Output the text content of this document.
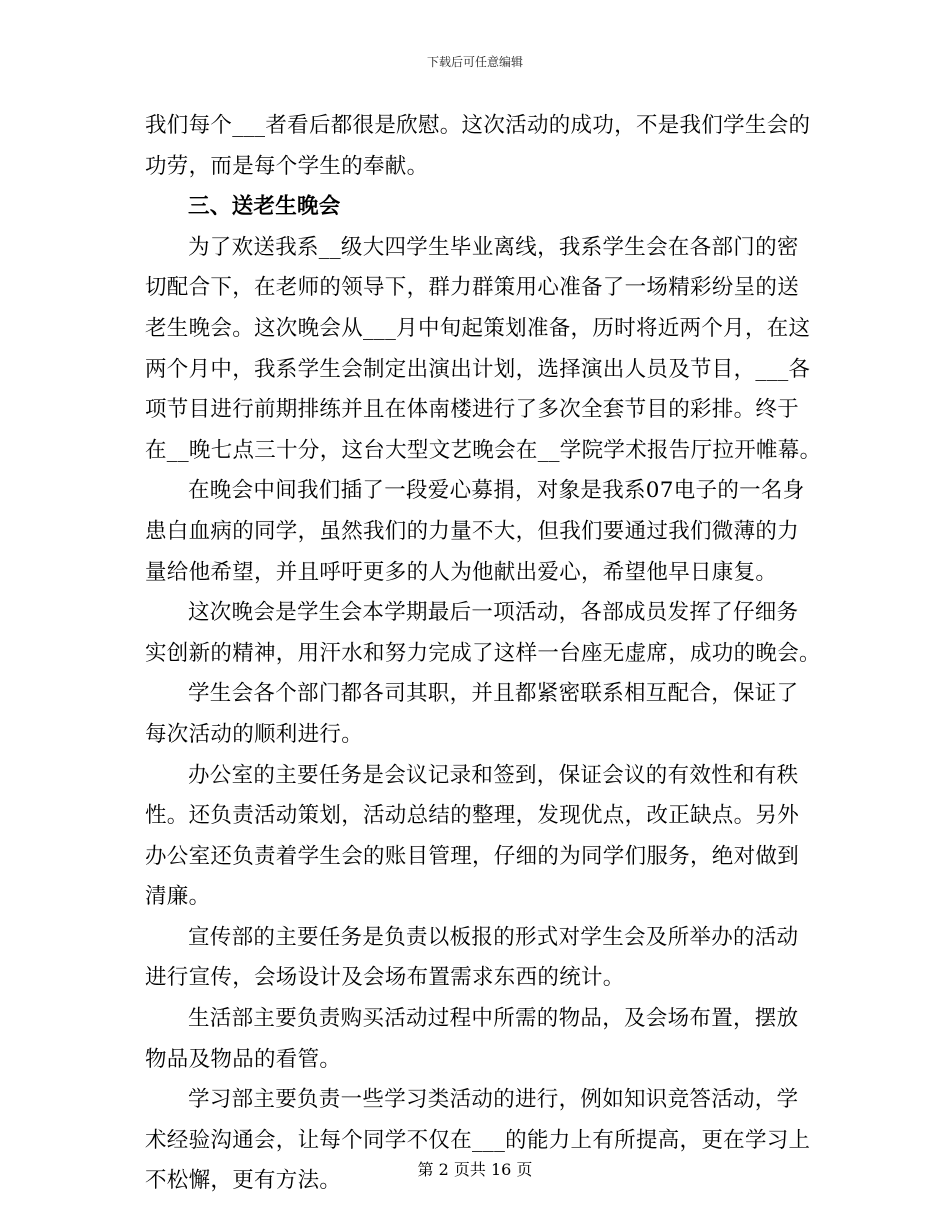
下载后可任意编辑
我们每个___者看后都很是欣慰。这次活动的成功，不是我们学生会的
功劳，而是每个学生的奉献。
三、送老生晚会
为了欢送我系__级大四学生毕业离线，我系学生会在各部门的密
切配合下，在老师的领导下，群力群策用心准备了一场精彩纷呈的送
老生晚会。这次晚会从___月中旬起策划准备，历时将近两个月，在这
两个月中，我系学生会制定出演出计划，选择演出人员及节目，___各
项节目进行前期排练并且在体南楼进行了多次全套节目的彩排。终于
在__晚七点三十分，这台大型文艺晚会在__学院学术报告厅拉开帷幕。
在晚会中间我们插了一段爱心募捐，对象是我系07电子的一名身
患白血病的同学，虽然我们的力量不大，但我们要通过我们微薄的力
量给他希望，并且呼吁更多的人为他献出爱心，希望他早日康复。
这次晚会是学生会本学期最后一项活动，各部成员发挥了仔细务
实创新的精神，用汗水和努力完成了这样一台座无虚席，成功的晚会。
学生会各个部门都各司其职，并且都紧密联系相互配合，保证了
每次活动的顺利进行。
办公室的主要任务是会议记录和签到，保证会议的有效性和有秩
性。还负责活动策划，活动总结的整理，发现优点，改正缺点。另外
办公室还负责着学生会的账目管理，仔细的为同学们服务，绝对做到
清廉。
宣传部的主要任务是负责以板报的形式对学生会及所举办的活动
进行宣传，会场设计及会场布置需求东西的统计。
生活部主要负责购买活动过程中所需的物品，及会场布置，摆放
物品及物品的看管。
学习部主要负责一些学习类活动的进行，例如知识竞答活动，学
术经验沟通会，让每个同学不仅在___的能力上有所提高，更在学习上
不松懈，更有方法。	第 2 页共 16 页
